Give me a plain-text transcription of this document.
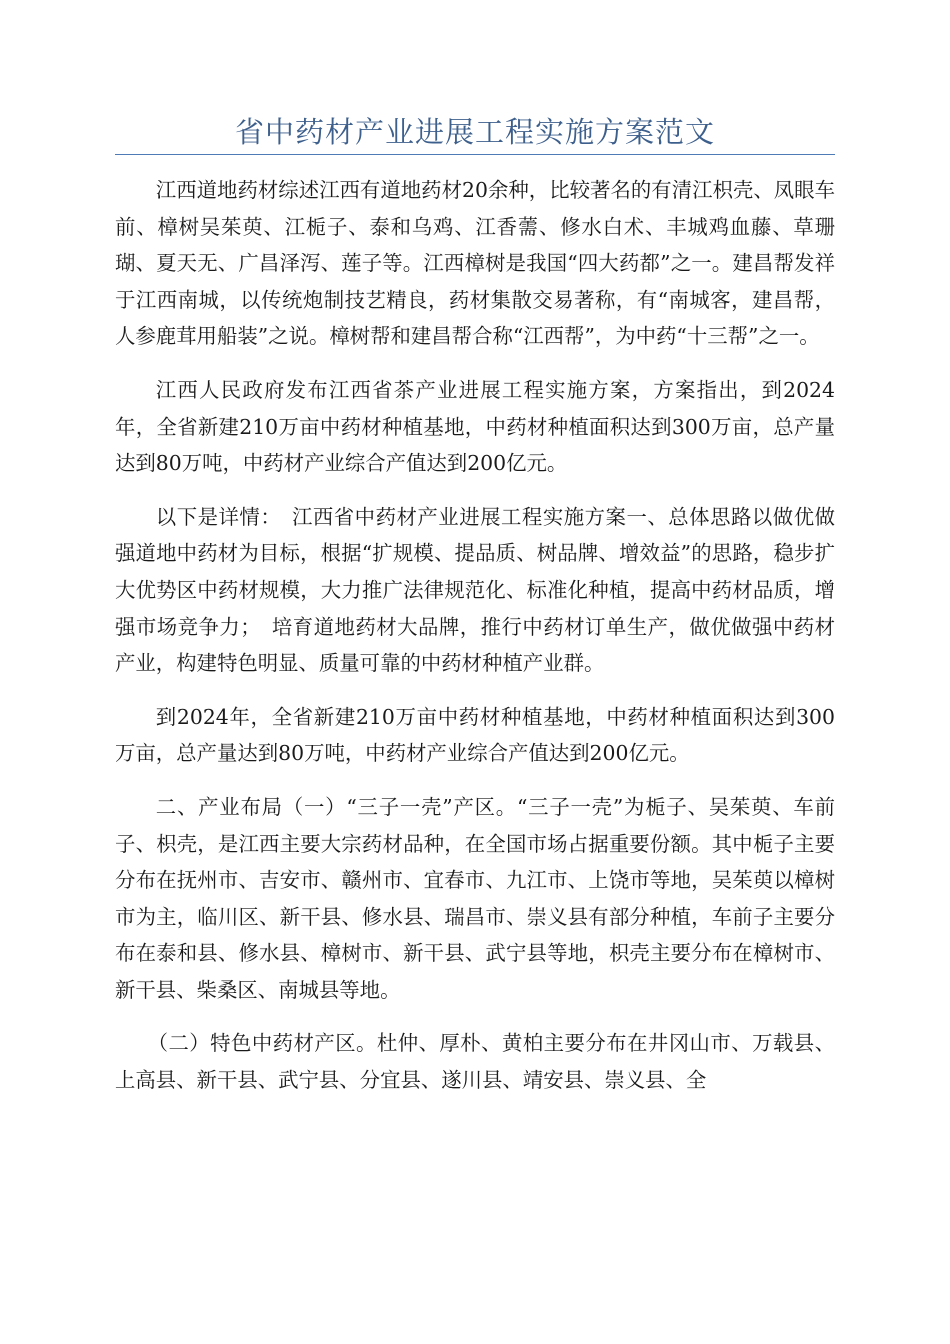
省中药材产业进展工程实施方案范文

江西道地药材综述江西有道地药材20余种，比较著名的有清江枳壳、凤眼车前、樟树吴茱萸、江栀子、泰和乌鸡、江香薷、修水白术、丰城鸡血藤、草珊瑚、夏天无、广昌泽泻、莲子等。江西樟树是我国“四大药都”之一。建昌帮发祥于江西南城，以传统炮制技艺精良，药材集散交易著称，有“南城客，建昌帮，人参鹿茸用船装”之说。樟树帮和建昌帮合称“江西帮”，为中药“十三帮”之一。

江西人民政府发布江西省茶产业进展工程实施方案，方案指出，到2024年，全省新建210万亩中药材种植基地，中药材种植面积达到300万亩，总产量达到80万吨，中药材产业综合产值达到200亿元。

以下是详情：　江西省中药材产业进展工程实施方案一、总体思路以做优做强道地中药材为目标，根据“扩规模、提品质、树品牌、增效益”的思路，稳步扩大优势区中药材规模，大力推广法律规范化、标准化种植，提高中药材品质，增强市场竞争力；　培育道地药材大品牌，推行中药材订单生产，做优做强中药材产业，构建特色明显、质量可靠的中药材种植产业群。

到2024年，全省新建210万亩中药材种植基地，中药材种植面积达到300万亩，总产量达到80万吨，中药材产业综合产值达到200亿元。

二、产业布局（一）“三子一壳”产区。“三子一壳”为栀子、吴茱萸、车前子、枳壳，是江西主要大宗药材品种，在全国市场占据重要份额。其中栀子主要分布在抚州市、吉安市、赣州市、宜春市、九江市、上饶市等地，吴茱萸以樟树市为主，临川区、新干县、修水县、瑞昌市、崇义县有部分种植，车前子主要分布在泰和县、修水县、樟树市、新干县、武宁县等地，枳壳主要分布在樟树市、新干县、柴桑区、南城县等地。

（二）特色中药材产区。杜仲、厚朴、黄柏主要分布在井冈山市、万载县、上高县、新干县、武宁县、分宜县、遂川县、靖安县、崇义县、全
